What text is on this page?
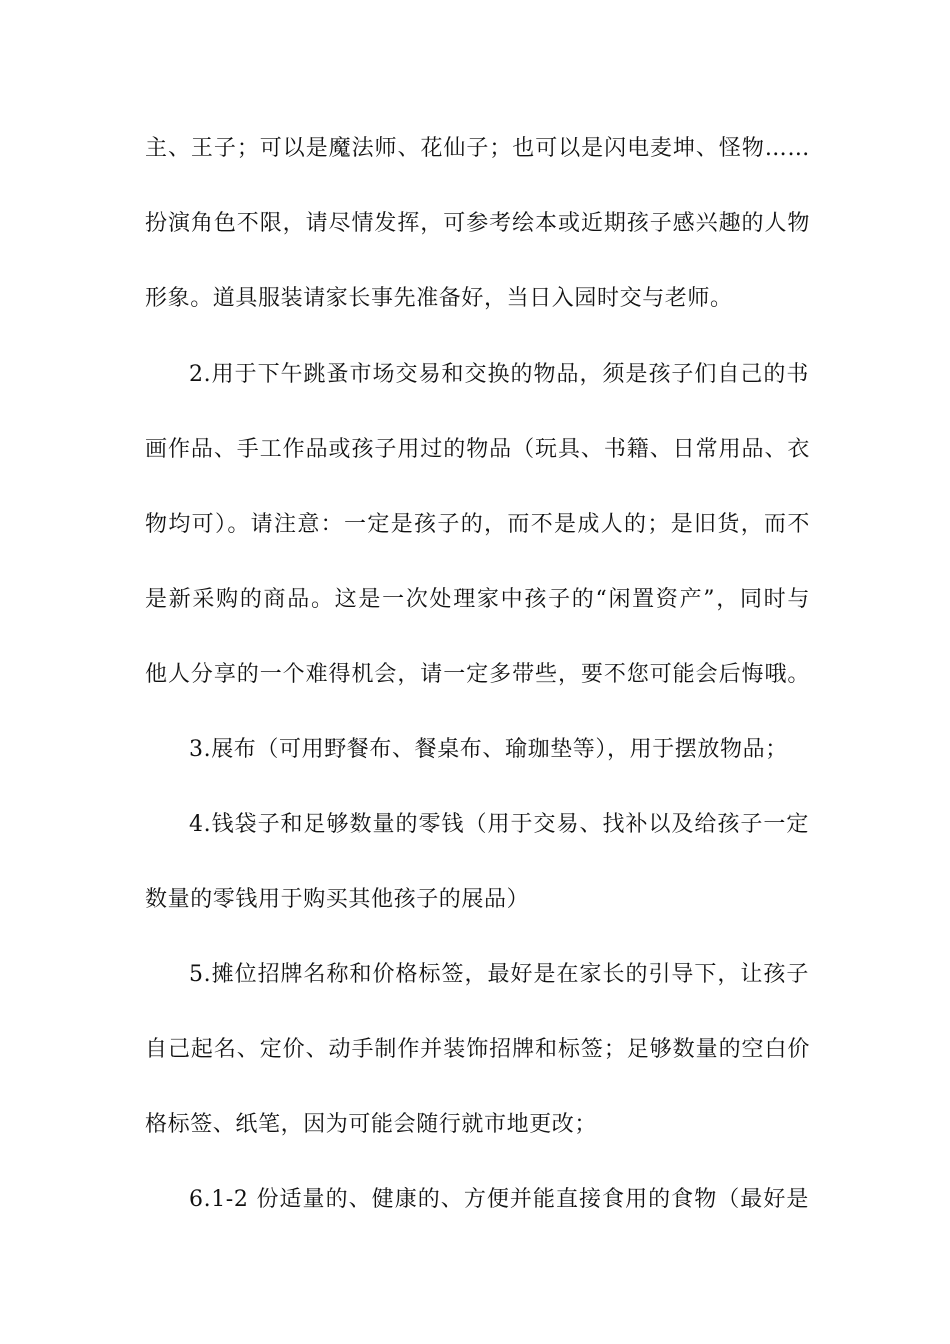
主、王子；可以是魔法师、花仙子；也可以是闪电麦坤、怪物……
扮演角色不限，请尽情发挥，可参考绘本或近期孩子感兴趣的人物
形象。道具服装请家长事先准备好，当日入园时交与老师。
2.用于下午跳蚤市场交易和交换的物品，须是孩子们自己的书
画作品、手工作品或孩子用过的物品（玩具、书籍、日常用品、衣
物均可）。请注意：一定是孩子的，而不是成人的；是旧货，而不
是新采购的商品。这是一次处理家中孩子的“闲置资产”，同时与
他人分享的一个难得机会，请一定多带些，要不您可能会后悔哦。
3.展布（可用野餐布、餐桌布、瑜珈垫等），用于摆放物品；
4.钱袋子和足够数量的零钱（用于交易、找补以及给孩子一定
数量的零钱用于购买其他孩子的展品）
5.摊位招牌名称和价格标签，最好是在家长的引导下，让孩子
自己起名、定价、动手制作并装饰招牌和标签；足够数量的空白价
格标签、纸笔，因为可能会随行就市地更改；
6.1-2 份适量的、健康的、方便并能直接食用的食物（最好是
